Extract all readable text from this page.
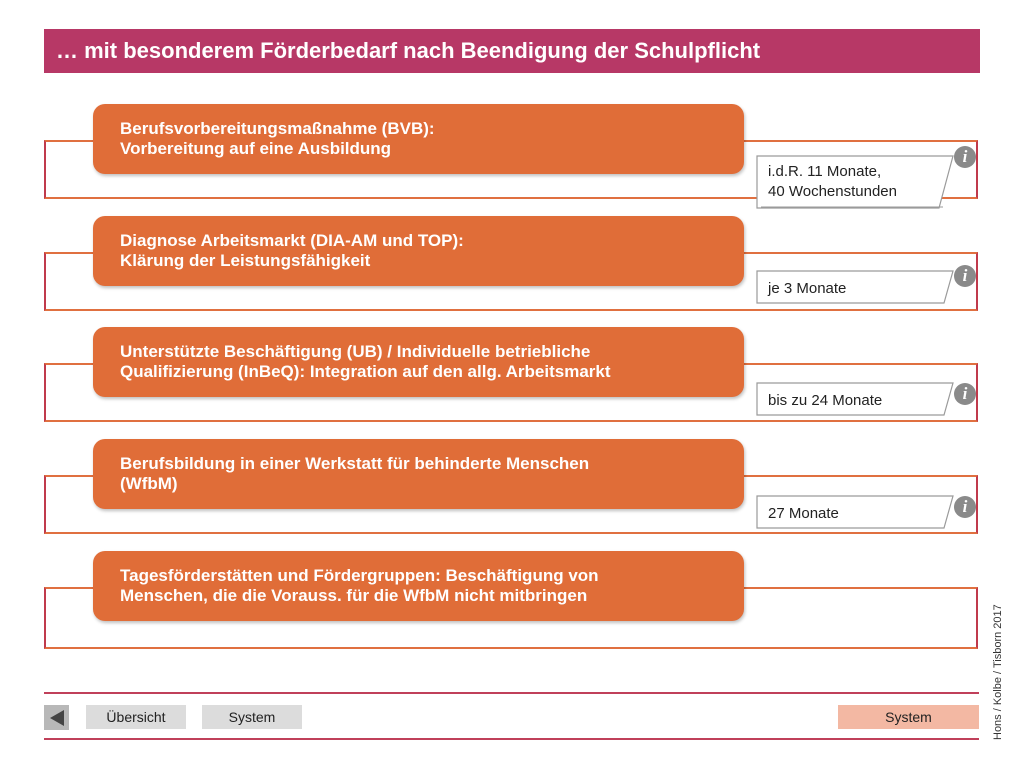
… mit besonderem Förderbedarf nach Beendigung der Schulpflicht
Berufsvorbereitungsmaßnahme (BVB):
Vorbereitung auf eine Ausbildung
i.d.R. 11 Monate,
40 Wochenstunden
i
Diagnose Arbeitsmarkt (DIA-AM und TOP):
Klärung der Leistungsfähigkeit
je 3 Monate
i
Unterstützte Beschäftigung (UB) / Individuelle betriebliche
Qualifizierung (InBeQ): Integration auf den allg. Arbeitsmarkt
bis zu 24 Monate	i
Berufsbildung in einer Werkstatt für behinderte Menschen
(WfbM)
27 Monate	i
Tagesförderstätten und Fördergruppen: Beschäftigung von
Menschen, die die Vorauss. für die WfbM nicht mitbringen
Übersicht	System	System	Hons / Kolbe / Tisborn 2017
